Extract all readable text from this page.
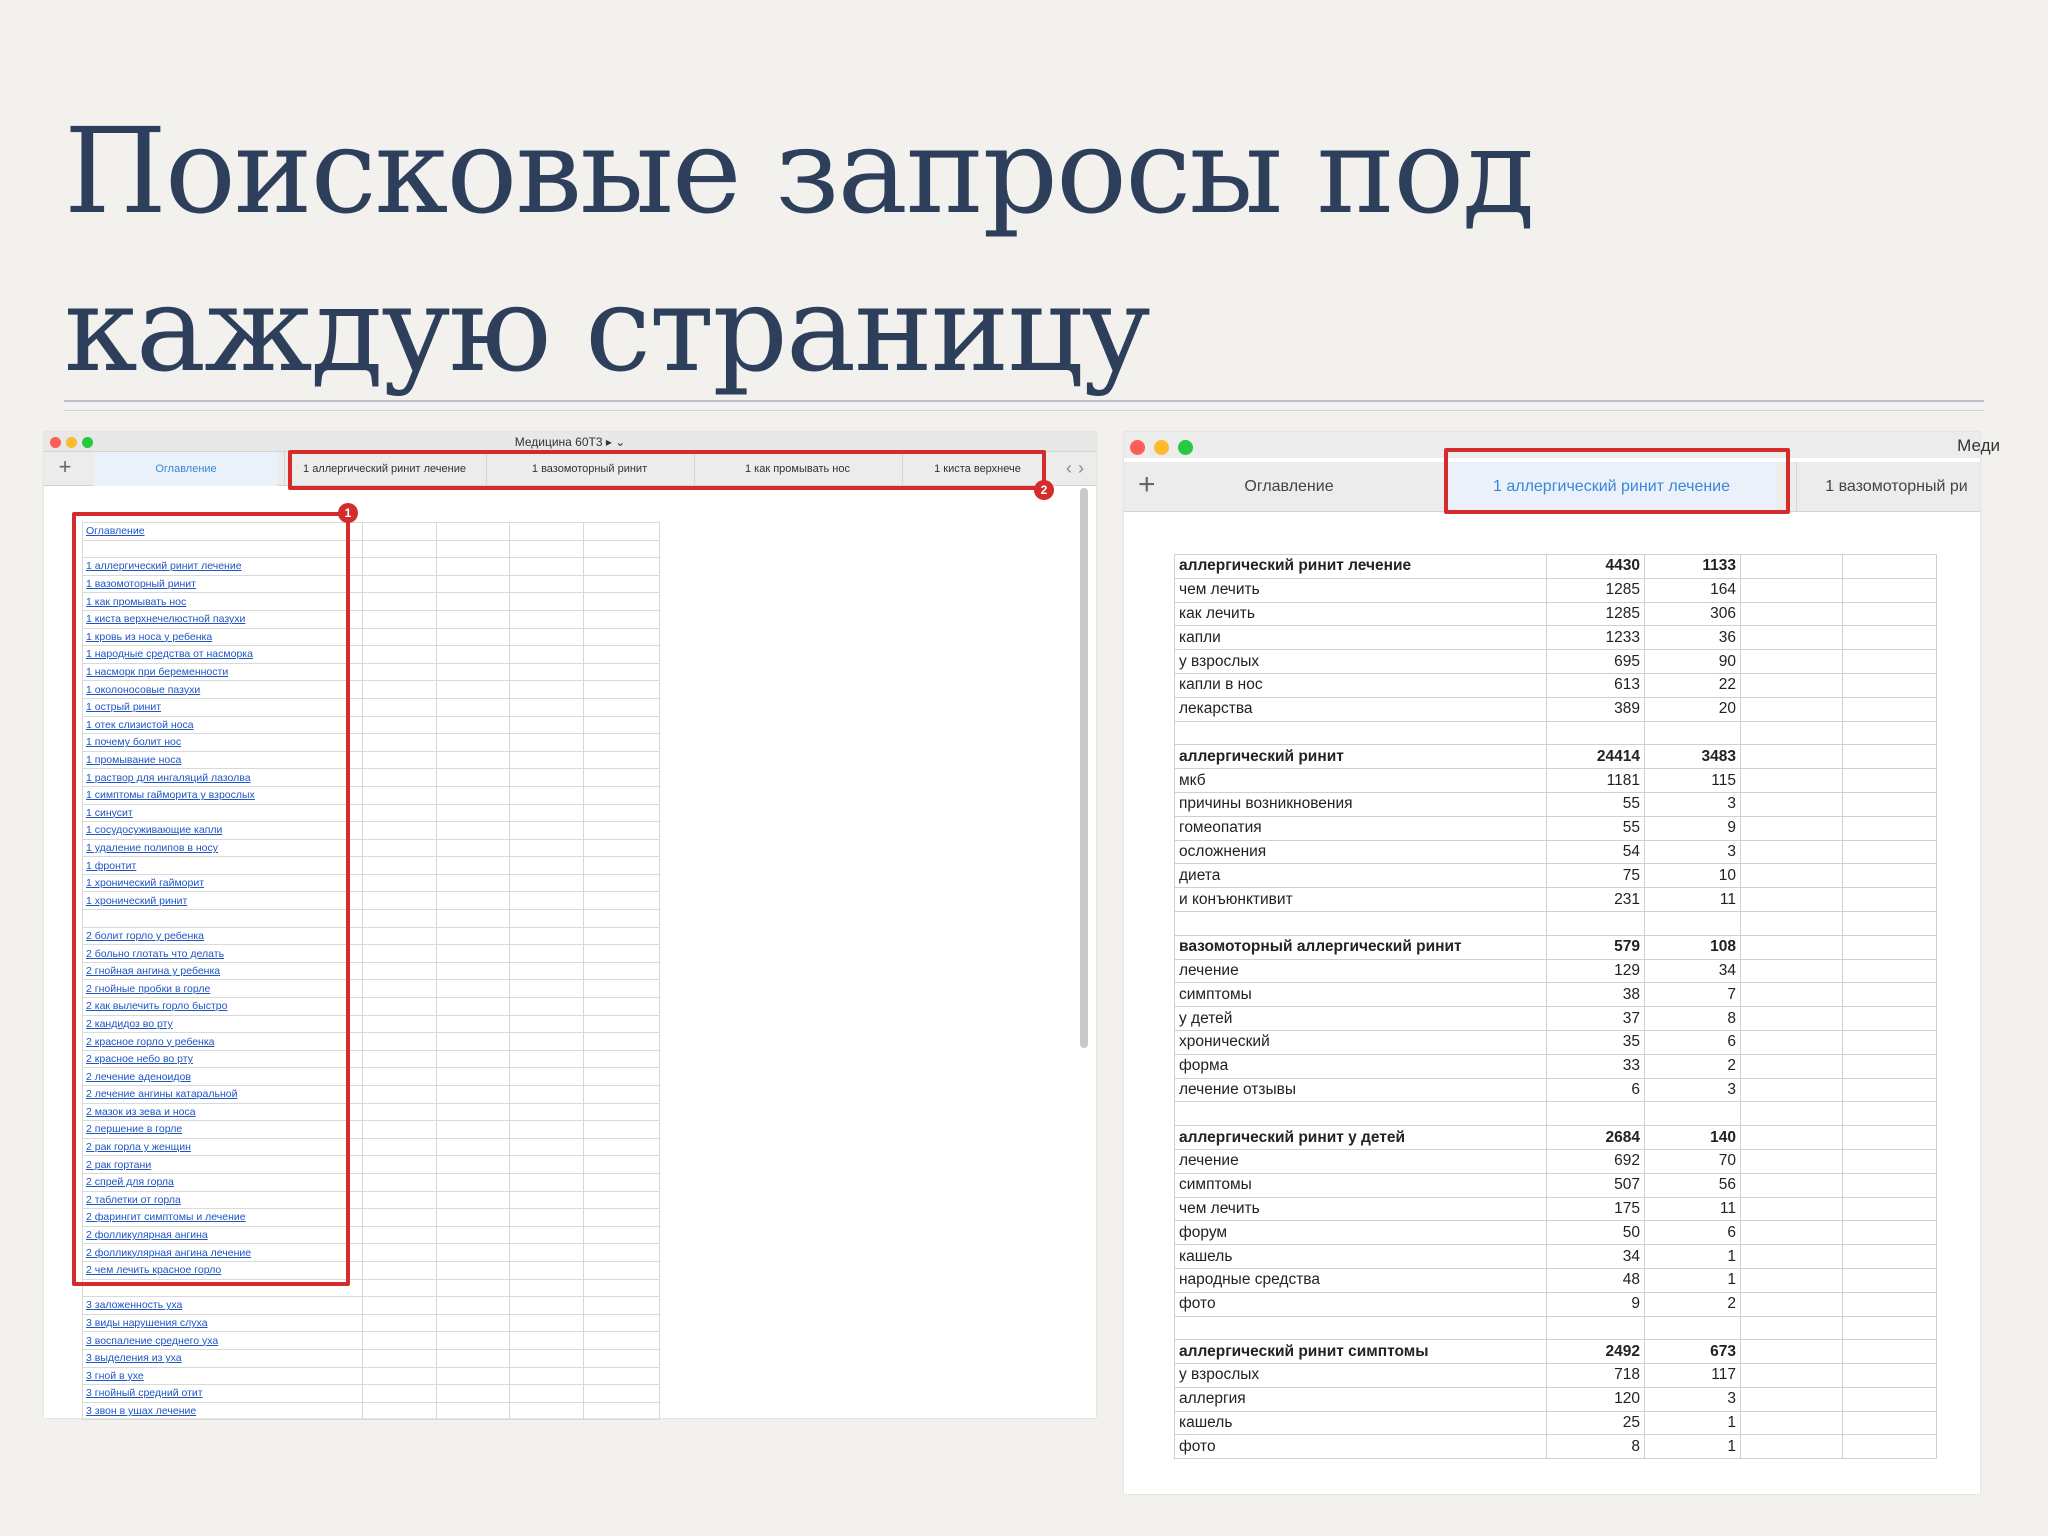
Поисковые запросы под каждую страницу
Медицина 60Т3 ▸ ⌄
+	Оглавление	1 аллергический ринит лечение	1 вазомоторный ринит	1 как промывать нос	1 киста верхнече	‹›
Оглавление				

1 аллергический ринит лечение				
1 вазомоторный ринит				
1 как промывать нос				
1 киста верхнечелюстной пазухи				
1 кровь из носа у ребенка				
1 народные средства от насморка				
1 насморк при беременности				
1 околоносовые пазухи				
1 острый ринит				
1 отек слизистой носа				
1 почему болит нос				
1 промывание носа				
1 раствор для ингаляций лазолва				
1 симптомы гайморита у взрослых				
1 синусит				
1 сосудосуживающие капли				
1 удаление полипов в носу				
1 фронтит				
1 хронический гайморит				
1 хронический ринит				

2 болит горло у ребенка				
2 больно глотать что делать				
2 гнойная ангина у ребенка				
2 гнойные пробки в горле				
2 как вылечить горло быстро				
2 кандидоз во рту				
2 красное горло у ребенка				
2 красное небо во рту				
2 лечение аденоидов				
2 лечение ангины катаральной				
2 мазок из зева и носа				
2 першение в горле				
2 рак горла у женщин				
2 рак гортани				
2 спрей для горла				
2 таблетки от горла				
2 фарингит симптомы и лечение				
2 фолликулярная ангина				
2 фолликулярная ангина лечение				
2 чем лечить красное горло				

3 заложенность уха				
3 виды нарушения слуха				
3 воспаление среднего уха				
3 выделения из уха				
3 гной в ухе				
3 гнойный средний отит				
3 звон в ушах лечение				
1
2
Меди
+	Оглавление	1 аллергический ринит лечение	1 вазомоторный ри
аллергический ринит лечение	4430	1133		
чем лечить	1285	164		
как лечить	1285	306		
капли	1233	36		
у взрослых	695	90		
капли в нос	613	22		
лекарства	389	20		

аллергический ринит	24414	3483		
мкб	1181	115		
причины возникновения	55	3		
гомеопатия	55	9		
осложнения	54	3		
диета	75	10		
и конъюнктивит	231	11		

вазомоторный аллергический ринит	579	108		
лечение	129	34		
симптомы	38	7		
у детей	37	8		
хронический	35	6		
форма	33	2		
лечение отзывы	6	3		

аллергический ринит у детей	2684	140		
лечение	692	70		
симптомы	507	56		
чем лечить	175	11		
форум	50	6		
кашель	34	1		
народные средства	48	1		
фото	9	2		

аллергический ринит симптомы	2492	673		
у взрослых	718	117		
аллергия	120	3		
кашель	25	1		
фото	8	1		
